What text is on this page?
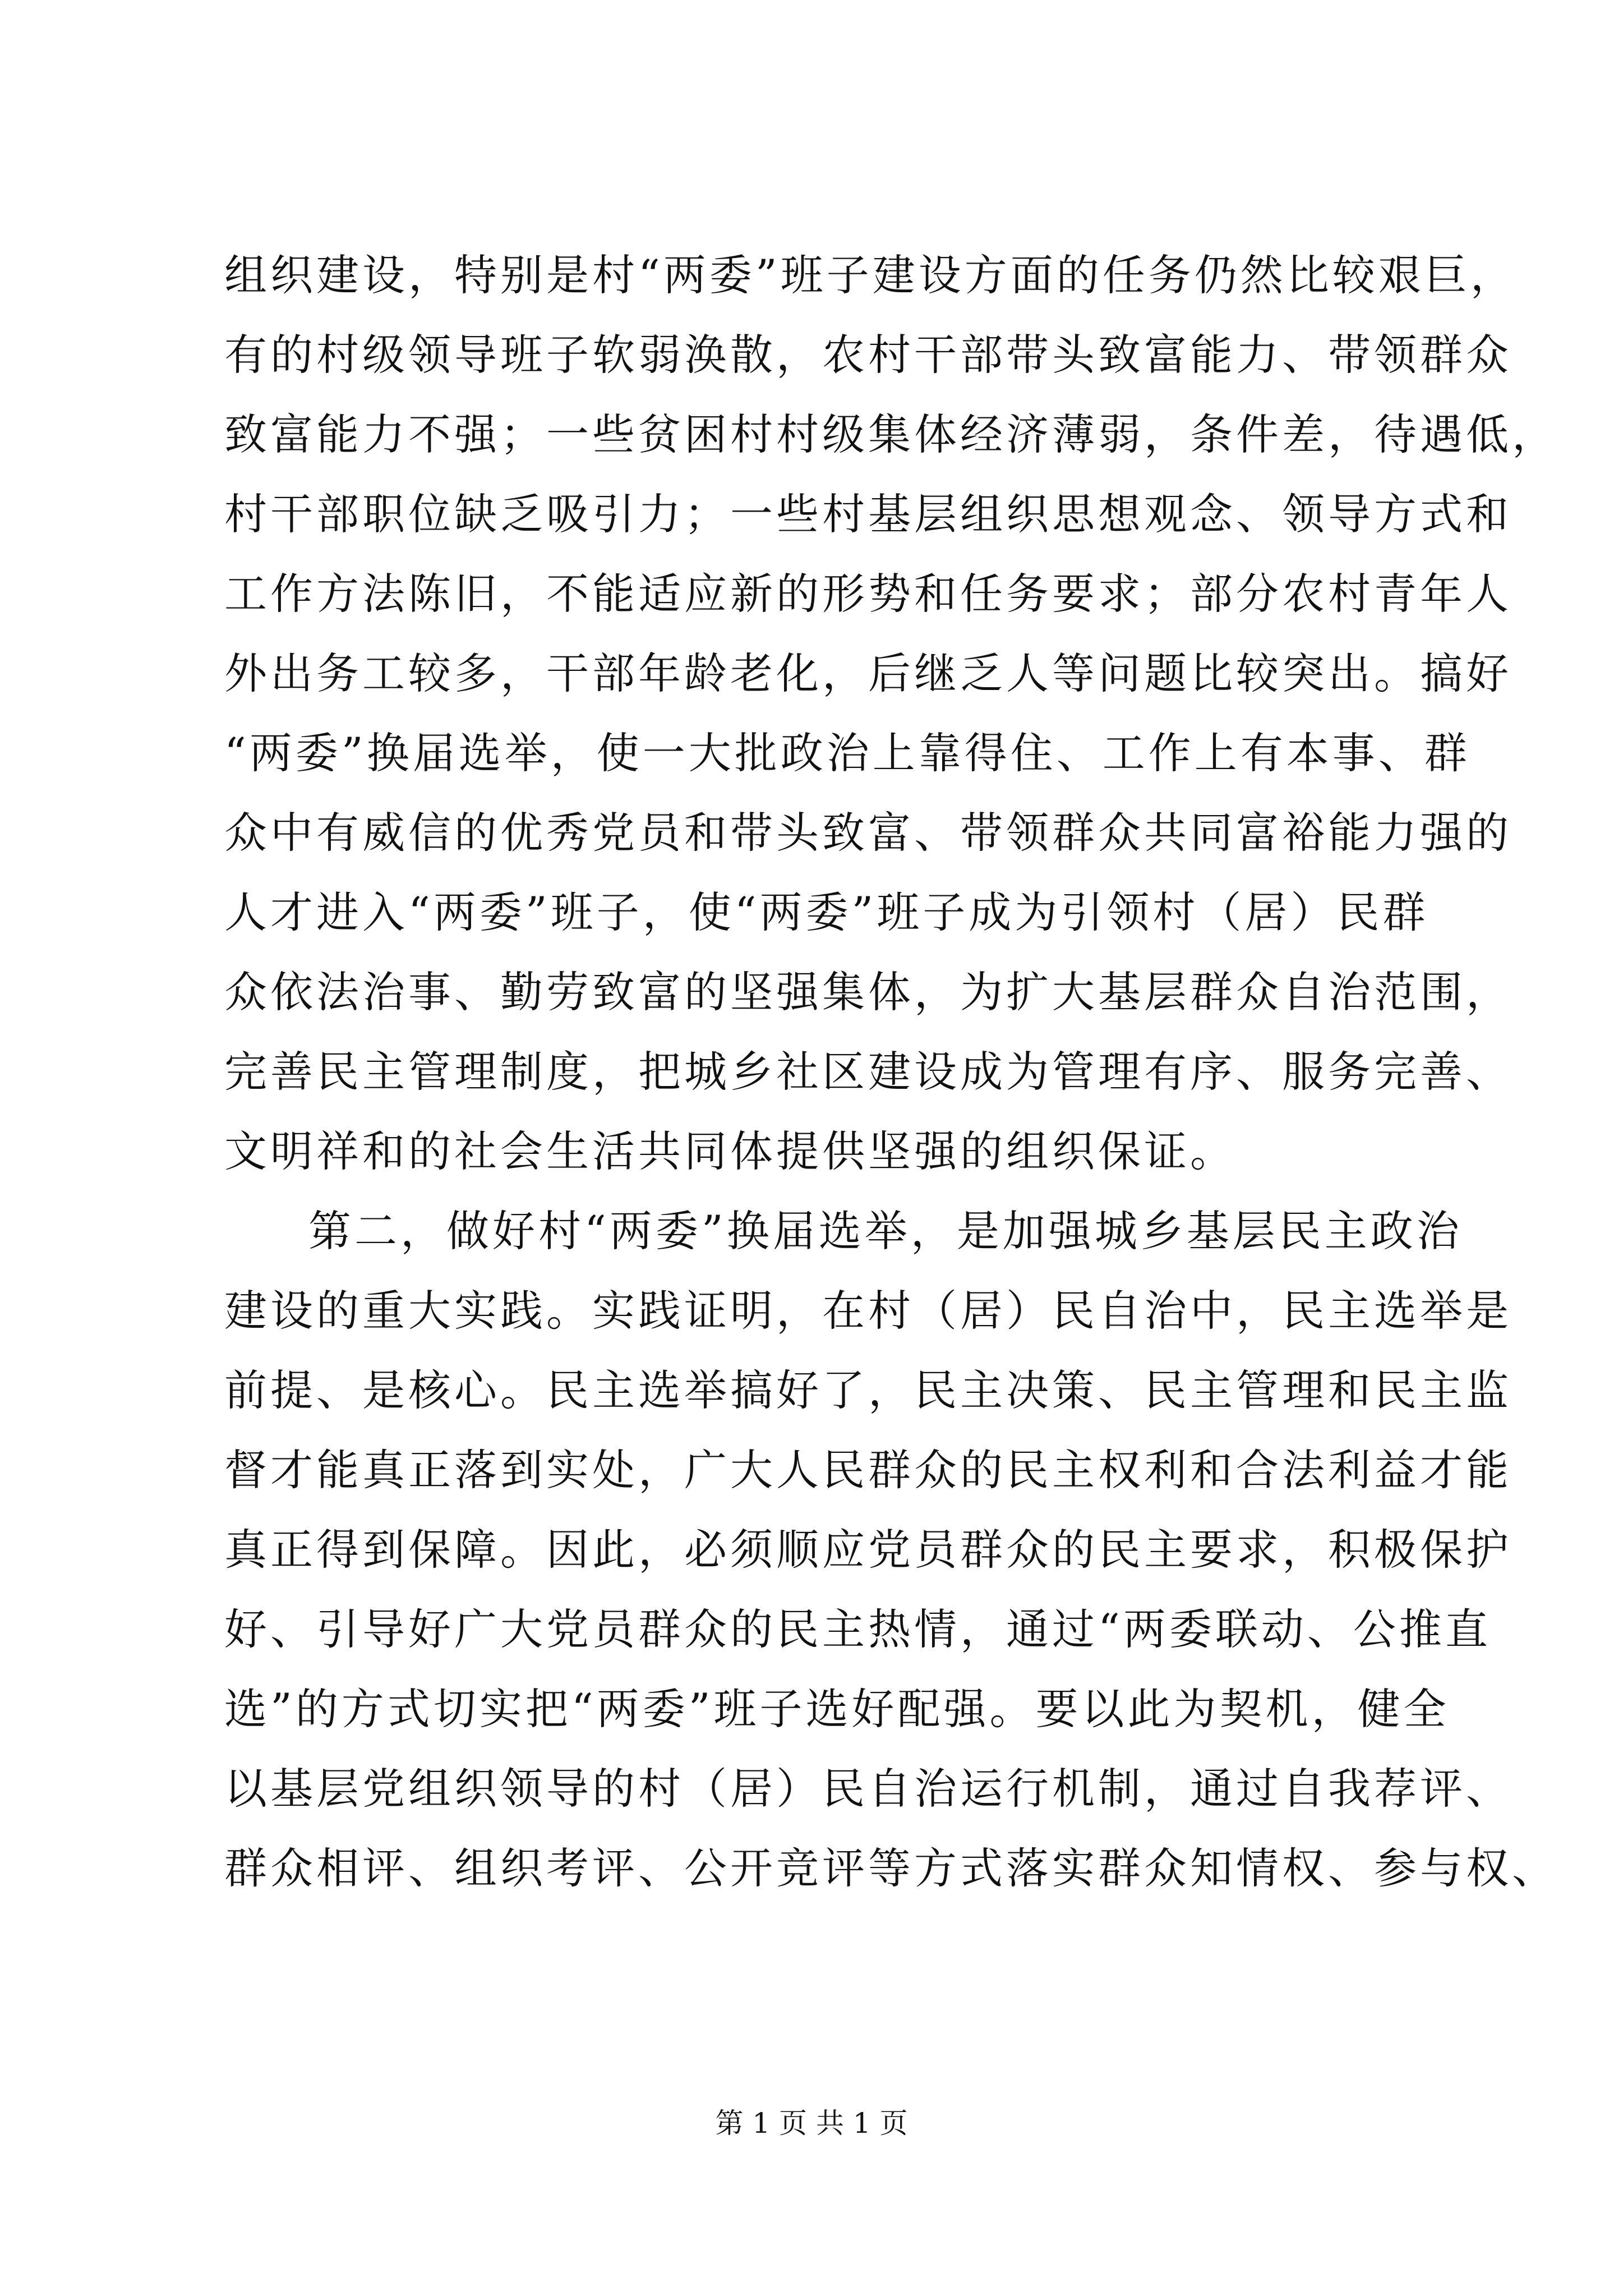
组织建设，特别是村“两委”班子建设方面的任务仍然比较艰巨，
有的村级领导班子软弱涣散，农村干部带头致富能力、带领群众
致富能力不强；一些贫困村村级集体经济薄弱，条件差，待遇低，
村干部职位缺乏吸引力；一些村基层组织思想观念、领导方式和
工作方法陈旧，不能适应新的形势和任务要求；部分农村青年人
外出务工较多，干部年龄老化，后继乏人等问题比较突出。搞好
“两委”换届选举，使一大批政治上靠得住、工作上有本事、群
众中有威信的优秀党员和带头致富、带领群众共同富裕能力强的
人才进入“两委”班子，使“两委”班子成为引领村（居）民群
众依法治事、勤劳致富的坚强集体，为扩大基层群众自治范围，
完善民主管理制度，把城乡社区建设成为管理有序、服务完善、
文明祥和的社会生活共同体提供坚强的组织保证。
第二，做好村“两委”换届选举，是加强城乡基层民主政治
建设的重大实践。实践证明，在村（居）民自治中，民主选举是
前提、是核心。民主选举搞好了，民主决策、民主管理和民主监
督才能真正落到实处，广大人民群众的民主权利和合法利益才能
真正得到保障。因此，必须顺应党员群众的民主要求，积极保护
好、引导好广大党员群众的民主热情，通过“两委联动、公推直
选”的方式切实把“两委”班子选好配强。要以此为契机，健全
以基层党组织领导的村（居）民自治运行机制，通过自我荐评、
群众相评、组织考评、公开竞评等方式落实群众知情权、参与权、
第 1 页 共 1 页
